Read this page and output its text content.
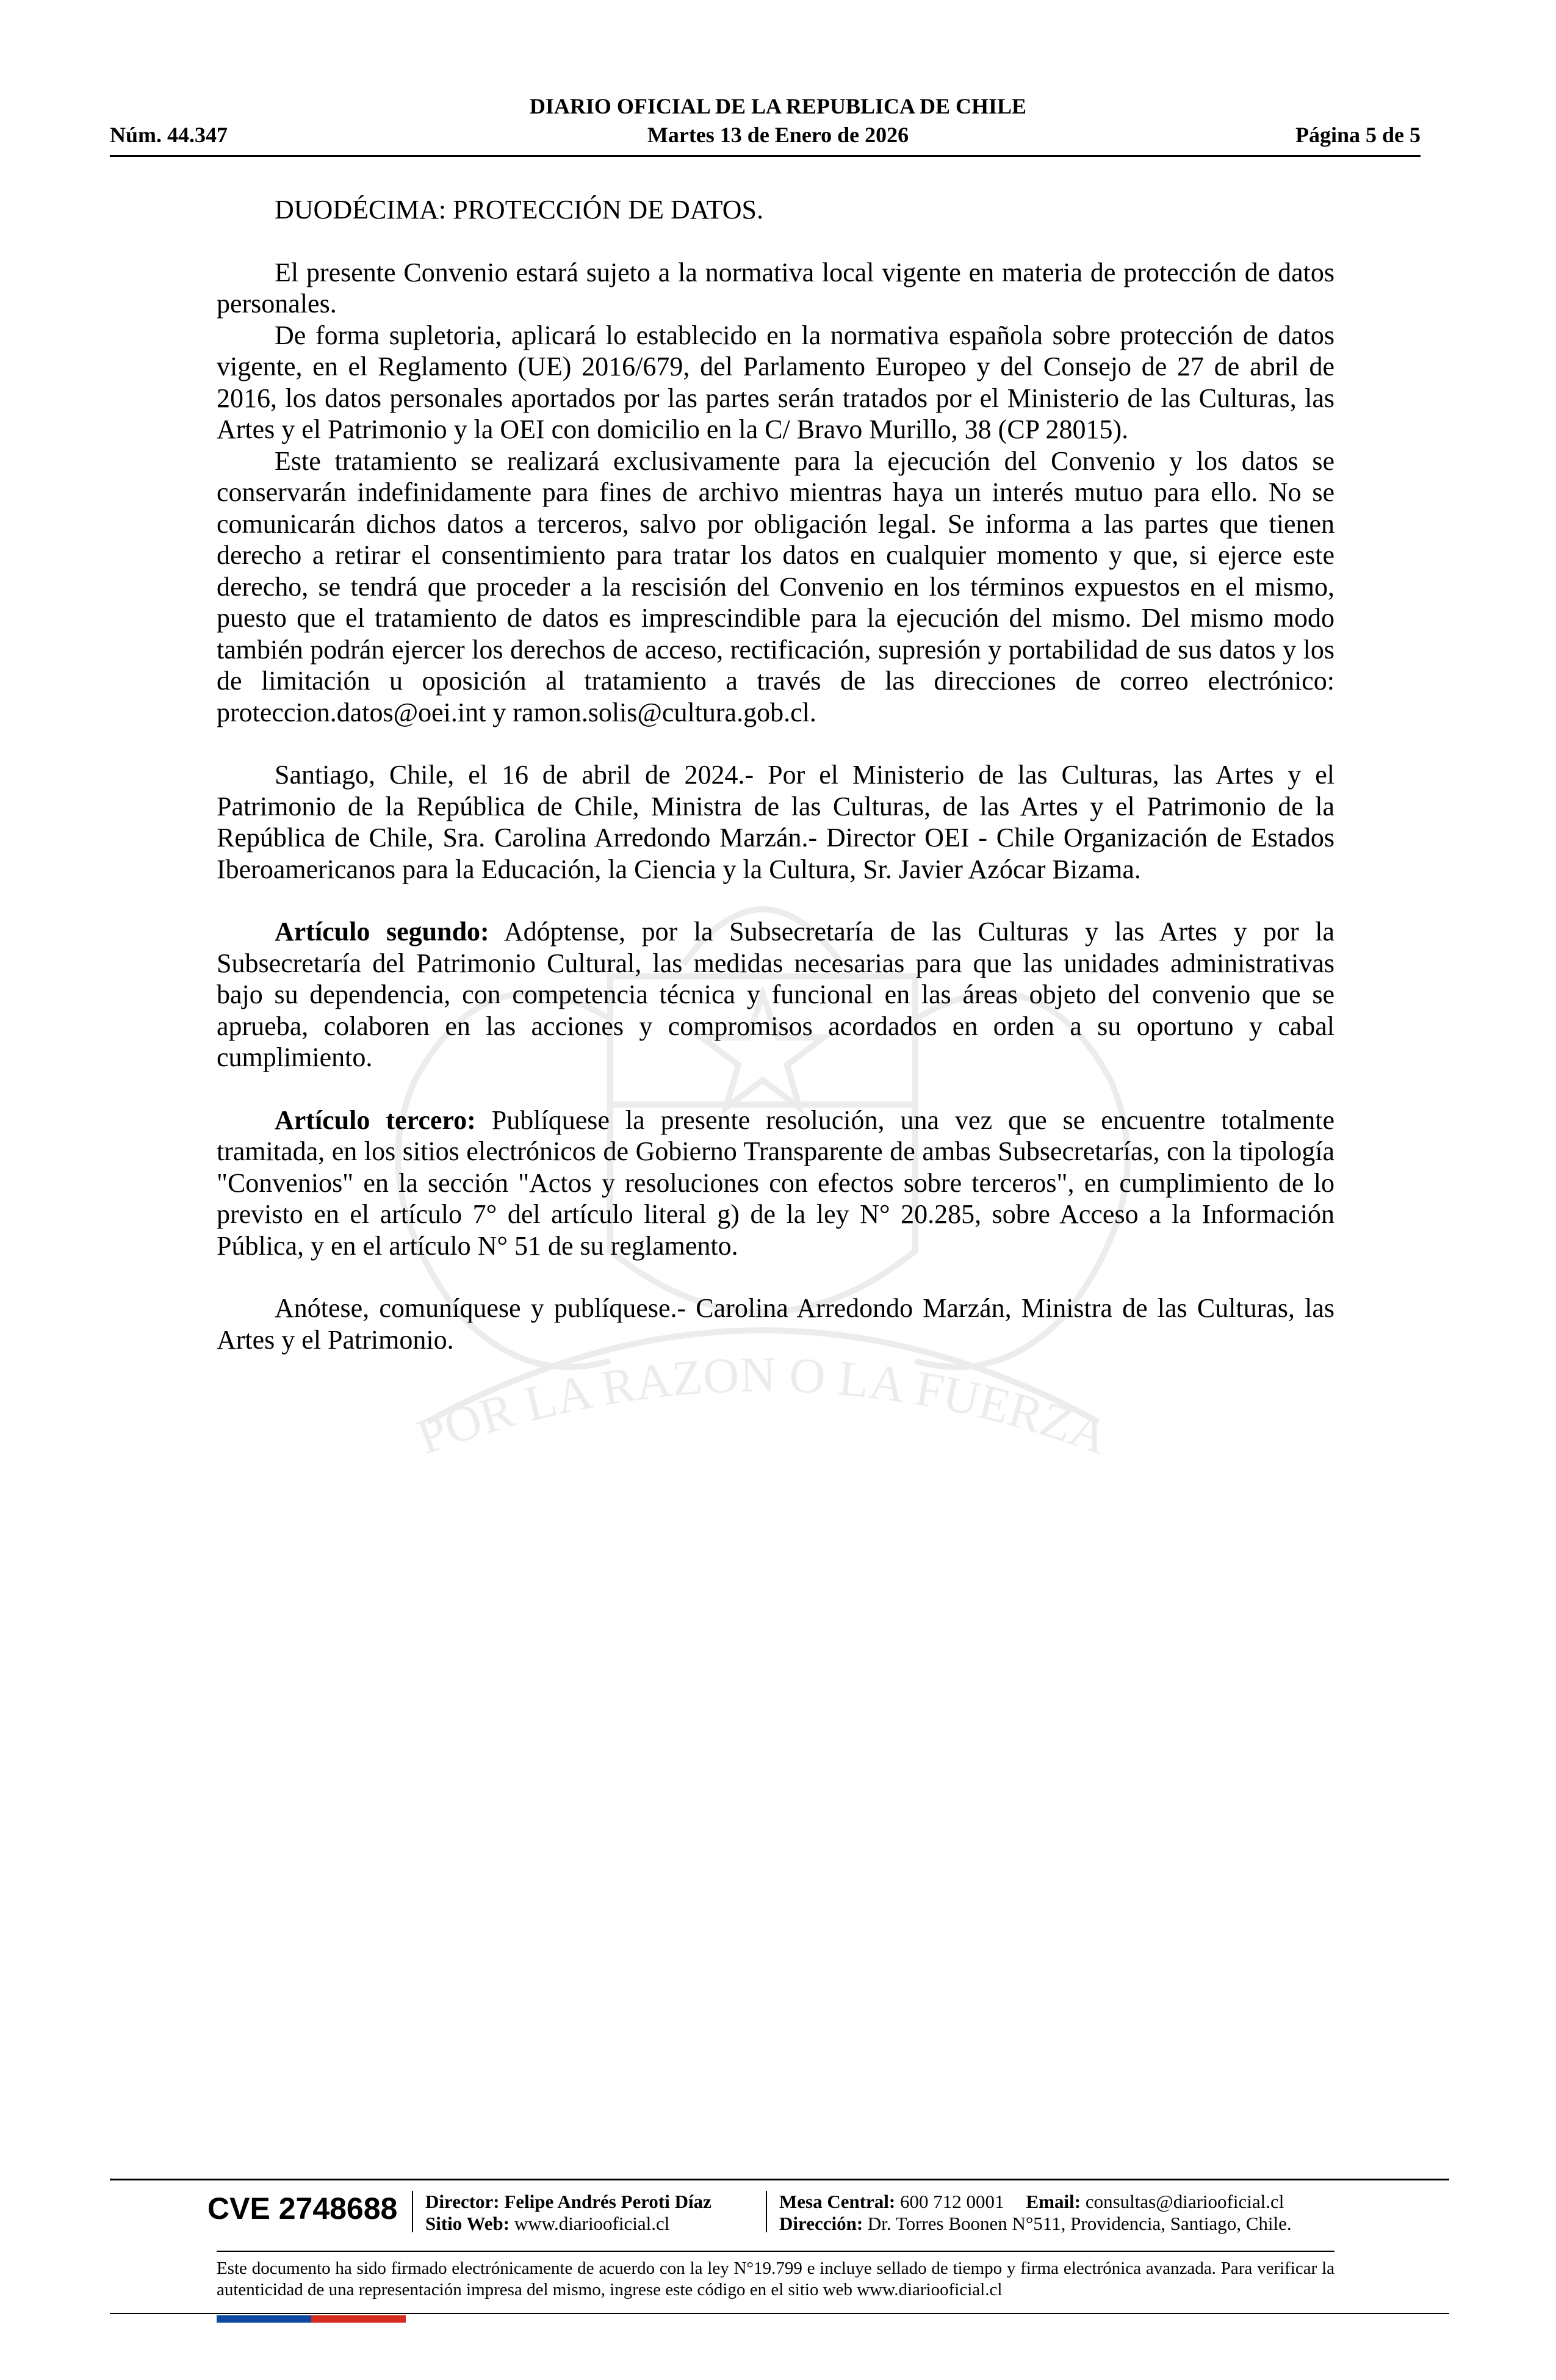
POR LA RAZON O LA FUERZA
DIARIO OFICIAL DE LA REPUBLICA DE CHILE
Núm. 44.347	Martes 13 de Enero de 2026	Página 5 de 5

DUODÉCIMA: PROTECCIÓN DE DATOS.

El presente Convenio estará sujeto a la normativa local vigente en materia de protección de datos personales.

De forma supletoria, aplicará lo establecido en la normativa española sobre protección de datos vigente, en el Reglamento (UE) 2016/679, del Parlamento Europeo y del Consejo de 27 de abril de 2016, los datos personales aportados por las partes serán tratados por el Ministerio de las Culturas, las Artes y el Patrimonio y la OEI con domicilio en la C/ Bravo Murillo, 38 (CP 28015).

Este tratamiento se realizará exclusivamente para la ejecución del Convenio y los datos se conservarán indefinidamente para fines de archivo mientras haya un interés mutuo para ello. No se comunicarán dichos datos a terceros, salvo por obligación legal. Se informa a las partes que tienen derecho a retirar el consentimiento para tratar los datos en cualquier momento y que, si ejerce este derecho, se tendrá que proceder a la rescisión del Convenio en los términos expuestos en el mismo, puesto que el tratamiento de datos es imprescindible para la ejecución del mismo. Del mismo modo también podrán ejercer los derechos de acceso, rectificación, supresión y portabilidad de sus datos y los de limitación u oposición al tratamiento a través de las direcciones de correo electrónico: proteccion.datos@oei.int y ramon.solis@cultura.gob.cl.

Santiago, Chile, el 16 de abril de 2024.- Por el Ministerio de las Culturas, las Artes y el Patrimonio de la República de Chile, Ministra de las Culturas, de las Artes y el Patrimonio de la República de Chile, Sra. Carolina Arredondo Marzán.- Director OEI - Chile Organización de Estados Iberoamericanos para la Educación, la Ciencia y la Cultura, Sr. Javier Azócar Bizama.

Artículo segundo: Adóptense, por la Subsecretaría de las Culturas y las Artes y por la Subsecretaría del Patrimonio Cultural, las medidas necesarias para que las unidades administrativas bajo su dependencia, con competencia técnica y funcional en las áreas objeto del convenio que se aprueba, colaboren en las acciones y compromisos acordados en orden a su oportuno y cabal cumplimiento.

Artículo tercero: Publíquese la presente resolución, una vez que se encuentre totalmente tramitada, en los sitios electrónicos de Gobierno Transparente de ambas Subsecretarías, con la tipología "Convenios" en la sección "Actos y resoluciones con efectos sobre terceros", en cumplimiento de lo previsto en el artículo 7° del artículo literal g) de la ley N° 20.285, sobre Acceso a la Información Pública, y en el artículo N° 51 de su reglamento.

Anótese, comuníquese y publíquese.- Carolina Arredondo Marzán, Ministra de las Culturas, las Artes y el Patrimonio.

CVE 2748688 Director: Felipe Andrés Peroti Díaz
Sitio Web: www.diariooficial.cl
Mesa Central: 600 712 0001 Email: consultas@diariooficial.cl
Dirección: Dr. Torres Boonen N°511, Providencia, Santiago, Chile.
Este documento ha sido firmado electrónicamente de acuerdo con la ley N°19.799 e incluye sellado de tiempo y firma electrónica avanzada. Para verificar la autenticidad de una representación impresa del mismo, ingrese este código en el sitio web www.diariooficial.cl
